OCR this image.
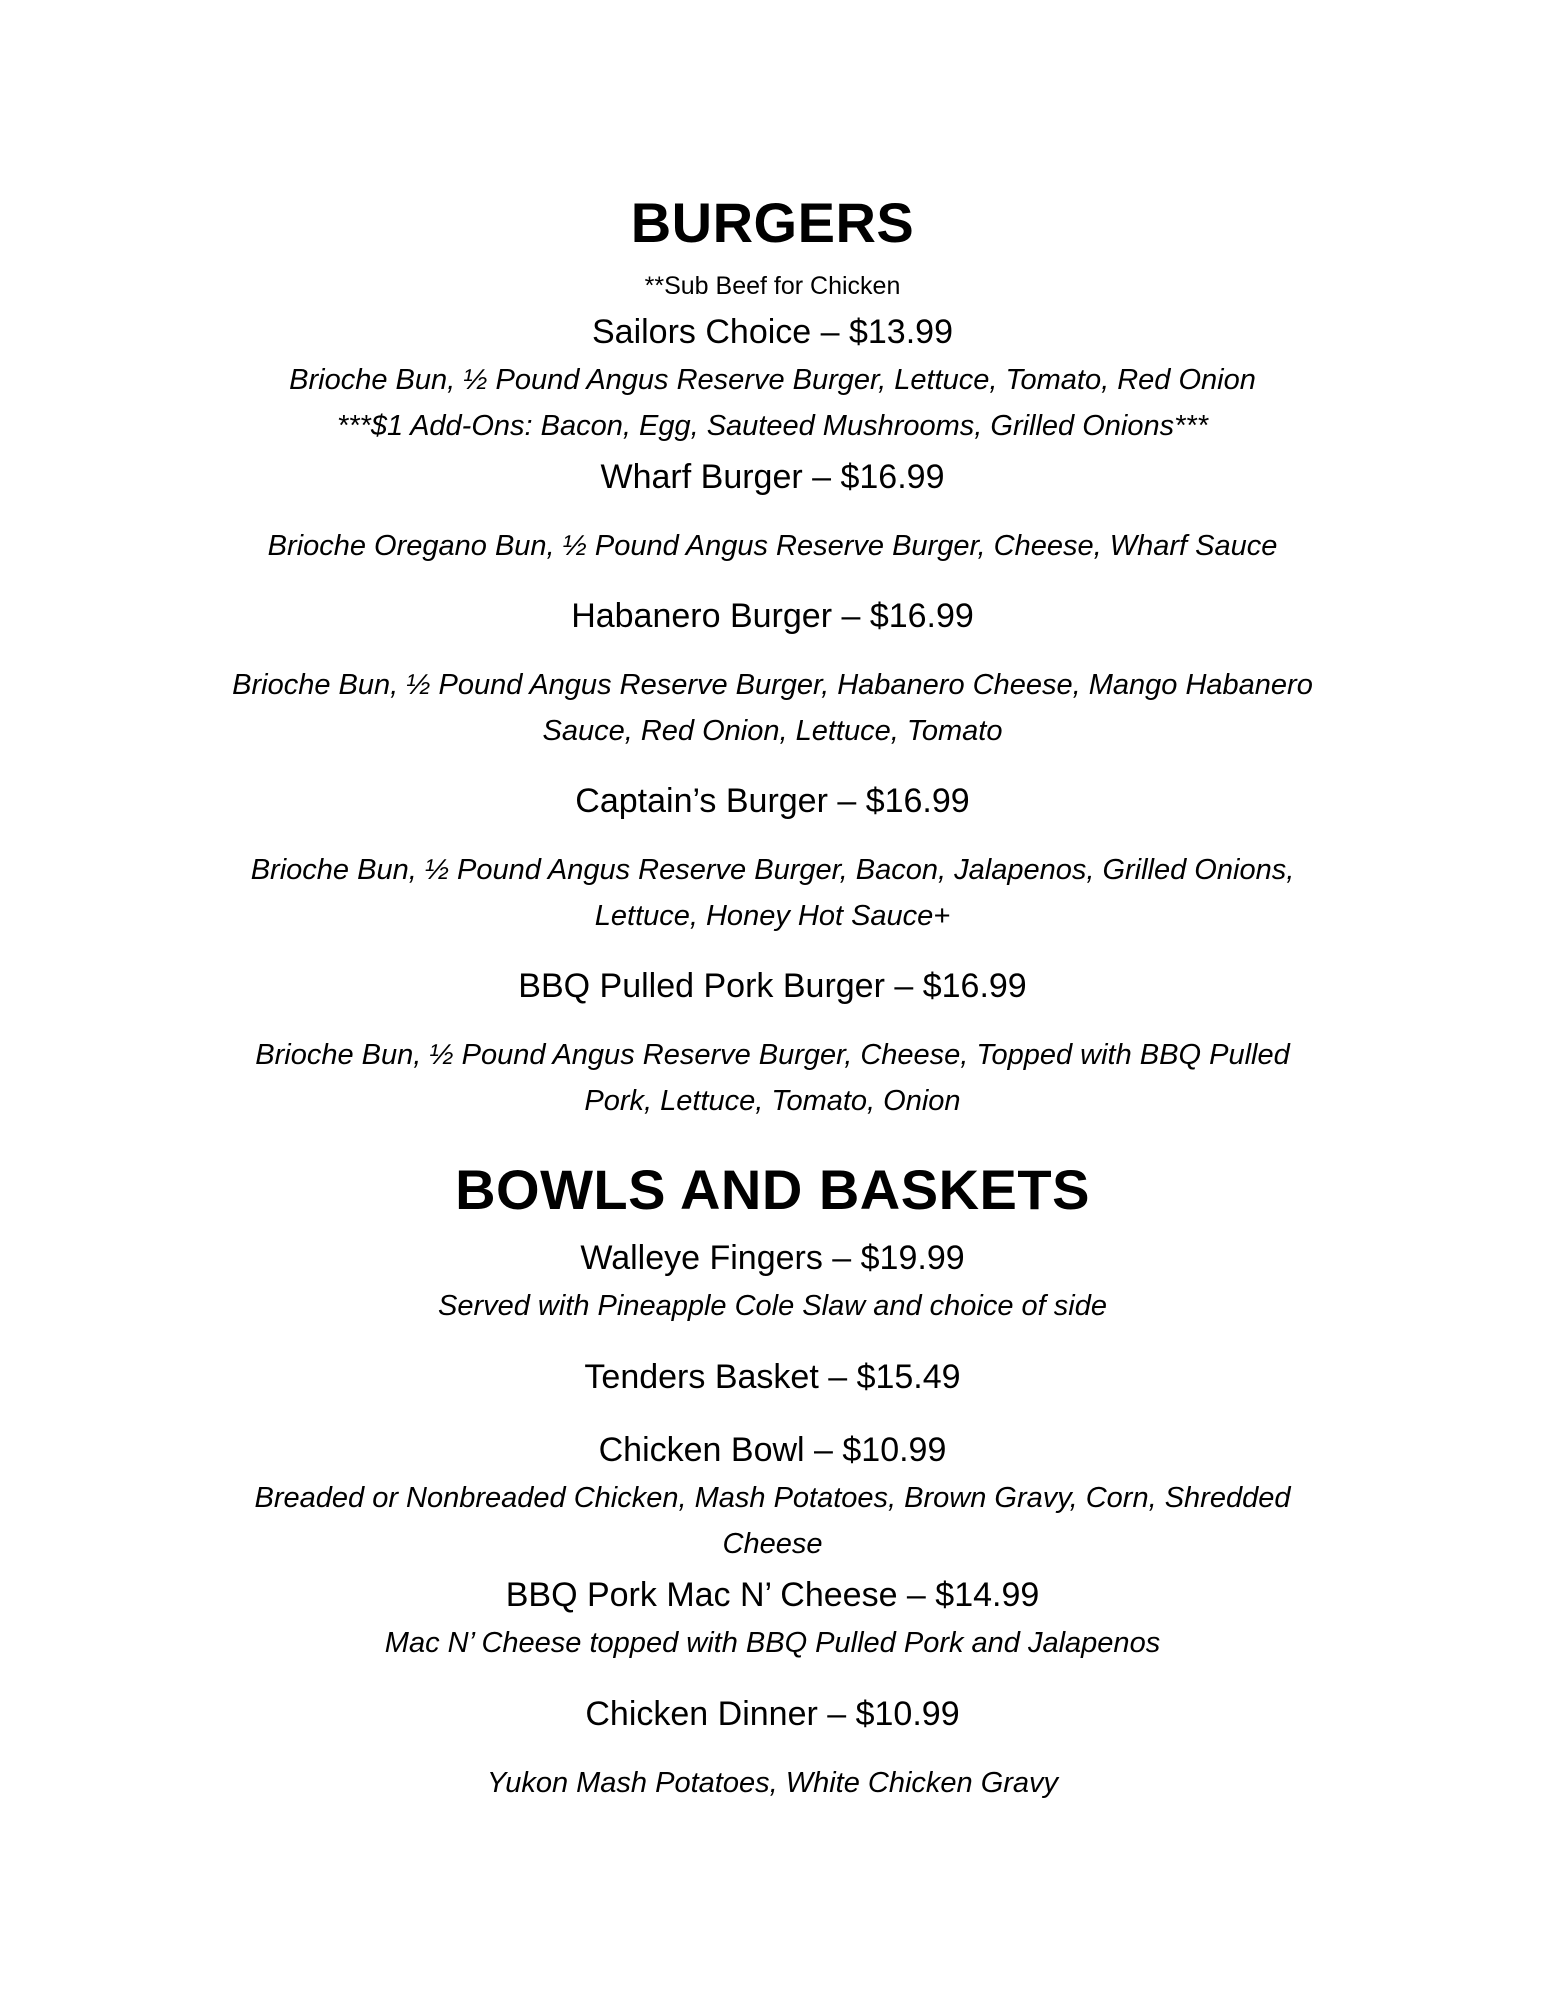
BURGERS
**Sub Beef for Chicken
Sailors Choice – $13.99
Brioche Bun, ½ Pound Angus Reserve Burger, Lettuce, Tomato, Red Onion
***$1 Add-Ons: Bacon, Egg, Sauteed Mushrooms, Grilled Onions***
Wharf Burger – $16.99
Brioche Oregano Bun, ½ Pound Angus Reserve Burger, Cheese, Wharf Sauce
Habanero Burger – $16.99
Brioche Bun, ½ Pound Angus Reserve Burger, Habanero Cheese, Mango Habanero
Sauce, Red Onion, Lettuce, Tomato
Captain’s Burger – $16.99
Brioche Bun, ½ Pound Angus Reserve Burger, Bacon, Jalapenos, Grilled Onions,
Lettuce, Honey Hot Sauce+
BBQ Pulled Pork Burger – $16.99
Brioche Bun, ½ Pound Angus Reserve Burger, Cheese, Topped with BBQ Pulled
Pork, Lettuce, Tomato, Onion
BOWLS AND BASKETS
Walleye Fingers – $19.99
Served with Pineapple Cole Slaw and choice of side
Tenders Basket – $15.49
Chicken Bowl – $10.99
Breaded or Nonbreaded Chicken, Mash Potatoes, Brown Gravy, Corn, Shredded
Cheese
BBQ Pork Mac N’ Cheese – $14.99
Mac N’ Cheese topped with BBQ Pulled Pork and Jalapenos
Chicken Dinner – $10.99
Yukon Mash Potatoes, White Chicken Gravy
